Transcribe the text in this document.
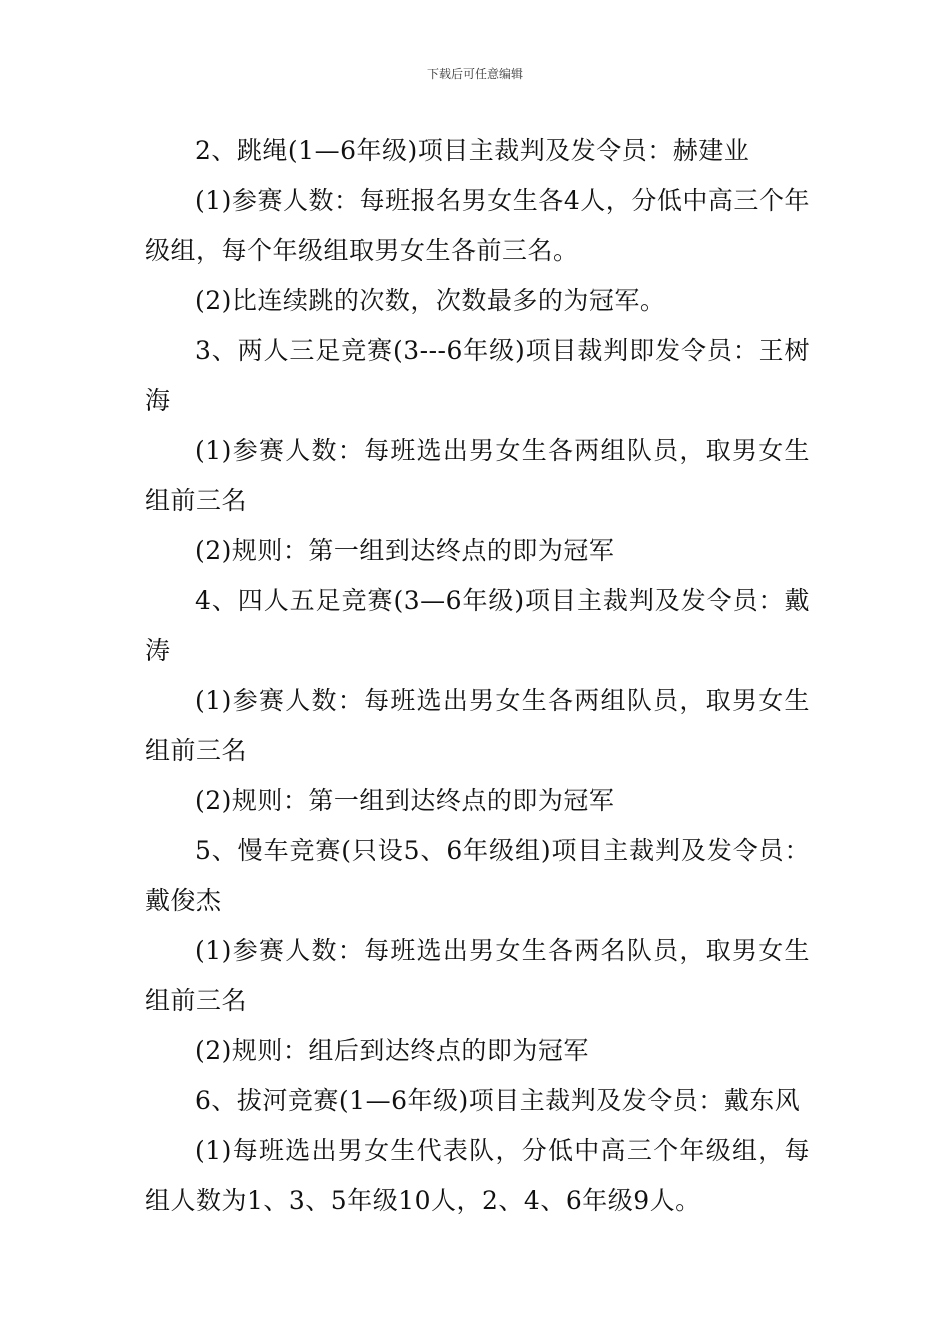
下载后可任意编辑

2、跳绳(1—6年级)项目主裁判及发令员：赫建业

(1)参赛人数：每班报名男女生各4人，分低中高三个年级组，每个年级组取男女生各前三名。

(2)比连续跳的次数，次数最多的为冠军。

3、两人三足竞赛(3---6年级)项目裁判即发令员：王树海

(1)参赛人数：每班选出男女生各两组队员，取男女生组前三名

(2)规则：第一组到达终点的即为冠军

4、四人五足竞赛(3—6年级)项目主裁判及发令员：戴涛

(1)参赛人数：每班选出男女生各两组队员，取男女生组前三名

(2)规则：第一组到达终点的即为冠军

5、慢车竞赛(只设5、6年级组)项目主裁判及发令员：戴俊杰

(1)参赛人数：每班选出男女生各两名队员，取男女生组前三名

(2)规则：组后到达终点的即为冠军

6、拔河竞赛(1—6年级)项目主裁判及发令员：戴东风

(1)每班选出男女生代表队，分低中高三个年级组，每组人数为1、3、5年级10人，2、4、6年级9人。
